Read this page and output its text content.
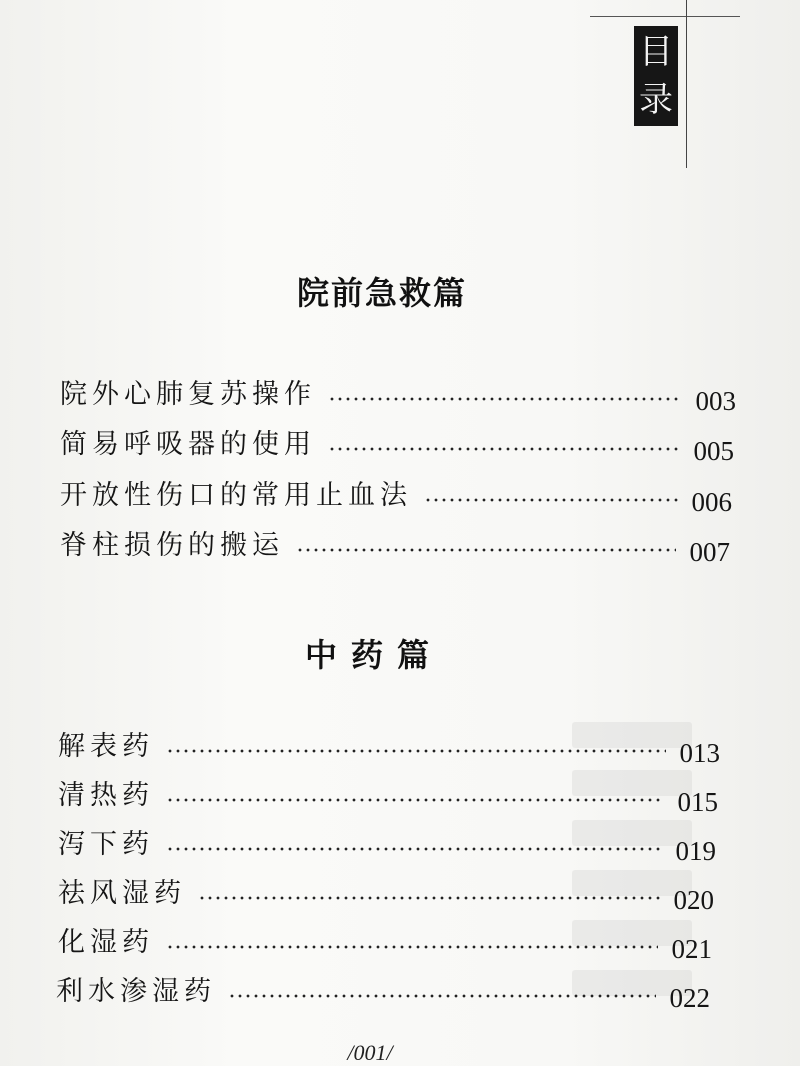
目
录
院前急救篇
院外心肺复苏操作	003
简易呼吸器的使用	005
开放性伤口的常用止血法	006
脊柱损伤的搬运	007
中药篇
解表药	013
清热药	015
泻下药	019
祛风湿药	020
化湿药	021
利水渗湿药	022
/001/
